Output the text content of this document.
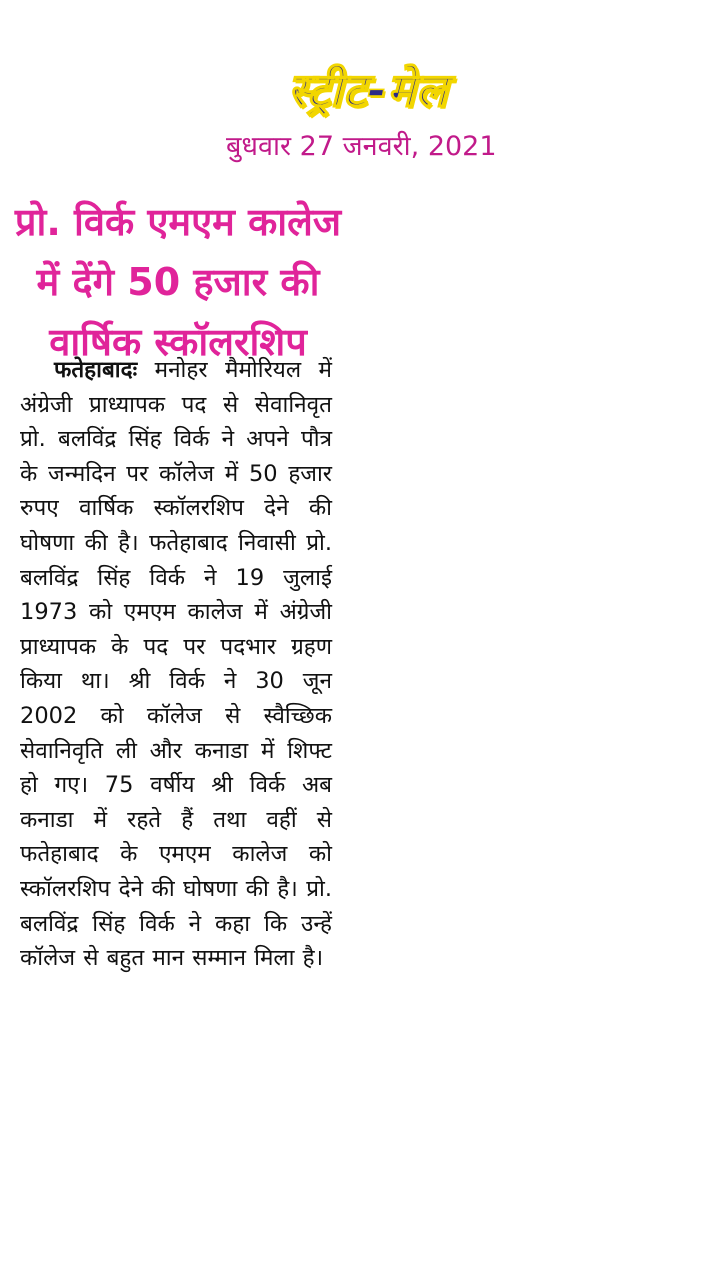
स्ट्रीट-मेल
बुधवार 27 जनवरी, 2021
प्रो. विर्क एमएम कालेज
में देंगे 50 हजार की
वार्षिक स्कॉलरशिप
फतेहाबादः मनोहर मैमोरियल में अंग्रेजी प्राध्यापक पद से सेवानिवृत प्रो. बलविंद्र सिंह विर्क ने अपने पौत्र के जन्मदिन पर कॉलेज में 50 हजार रुपए वार्षिक स्कॉलरशिप देने की घोषणा की है। फतेहाबाद निवासी प्रो. बलविंद्र सिंह विर्क ने 19 जुलाई 1973 को एमएम कालेज में अंग्रेजी प्राध्यापक के पद पर पदभार ग्रहण किया था। श्री विर्क ने 30 जून 2002 को कॉलेज से स्वैच्छिक सेवानिवृति ली और कनाडा में शिफ्ट हो गए। 75 वर्षीय श्री विर्क अब कनाडा में रहते हैं तथा वहीं से फतेहाबाद के एमएम कालेज को स्कॉलरशिप देने की घोषणा की है। प्रो. बलविंद्र सिंह विर्क ने कहा कि उन्हें कॉलेज से बहुत मान सम्मान मिला है।
